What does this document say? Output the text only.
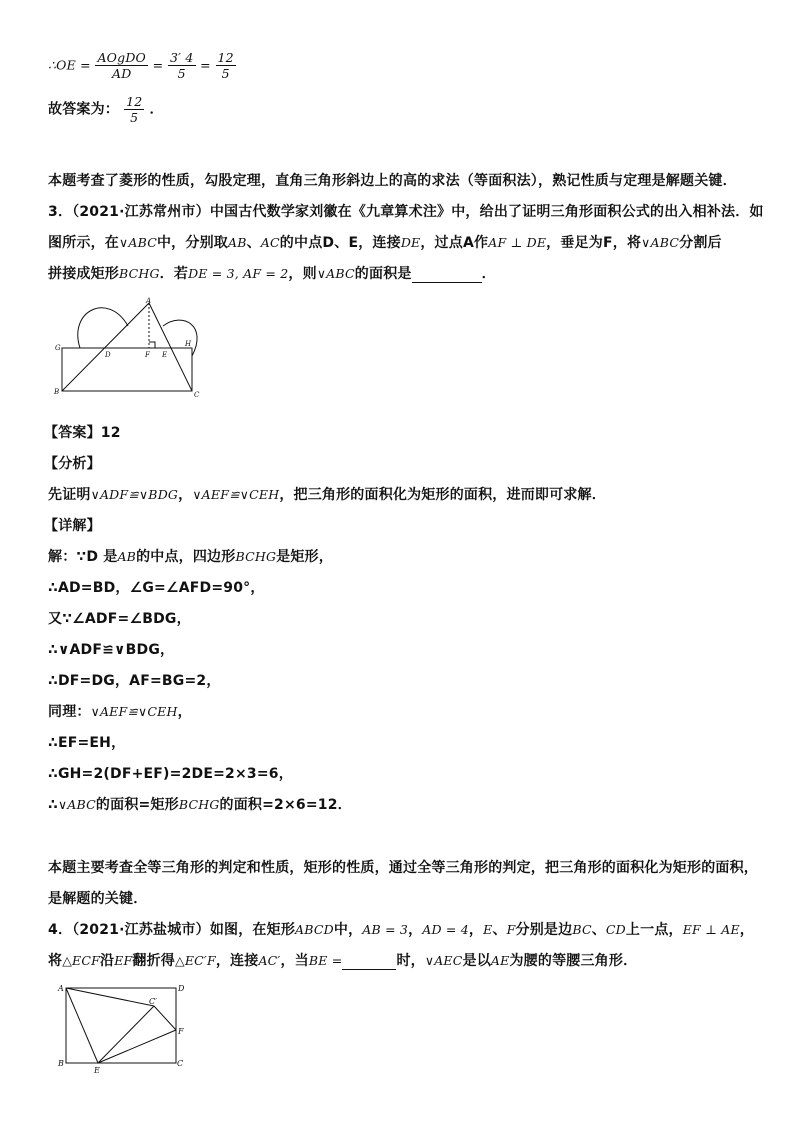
∴OE = $\frac{\text{AOgDO}}{AD} = \frac{3' 4}{5} = \frac{12}{5}$
故答案为： $\frac{12}{5}$ ．
本题考查了菱形的性质，勾股定理，直角三角形斜边上的高的求法（等面积法），熟记性质与定理是解题关键．
3．（2021·江苏常州市）中国古代数学家刘徽在《九章算术注》中，给出了证明三角形面积公式的出入相补法．如
图所示，在∨ABC中，分别取AB、AC的中点D、E，连接DE，过点A作AF ⊥ DE，垂足为F，将∨ABC分割后
拼接成矩形BCHG．若DE = 3, AF = 2，则∨ABC的面积是	．
A
G
D	F E
H
B	C
【答案】12
【分析】
先证明∨ADF≌∨BDG，∨AEF≌∨CEH，把三角形的面积化为矩形的面积，进而即可求解．
【详解】
解：∵D 是AB的中点，四边形BCHG是矩形，
∴AD=BD，∠G=∠AFD=90°，
又∵∠ADF=∠BDG，
∴∨ADF≌∨BDG，
∴DF=DG，AF=BG=2，
同理：∨AEF≌∨CEH，
∴EF=EH，
∴GH=2(DF+EF)=2DE=2×3=6，
∴∨ABC的面积=矩形BCHG的面积=2×6=12．
本题主要考查全等三角形的判定和性质，矩形的性质，通过全等三角形的判定，把三角形的面积化为矩形的面积，
是解题的关键．
4．（2021·江苏盐城市）如图，在矩形ABCD中，AB = 3，AD = 4，E、F分别是边BC、CD上一点，EF ⊥ AE，
将△ECF沿EF翻折得△EC′F，连接AC′，当BE =	时，∨AEC是以AE为腰的等腰三角形．
A	D
C′
F
B
E
C
